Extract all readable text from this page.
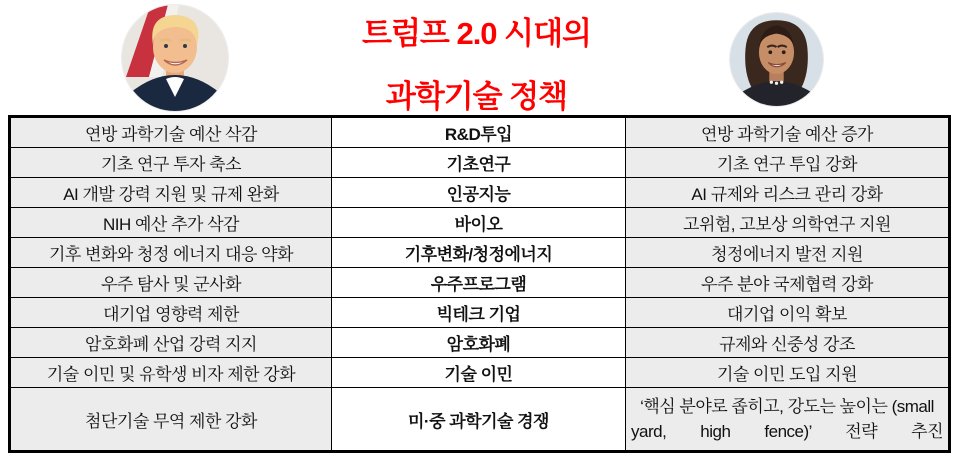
트럼프 2.0 시대의
과학기술 정책
연방 과학기술 예산 삭감	R&D투입	연방 과학기술 예산 증가
기초 연구 투자 축소	기초연구	기초 연구 투입 강화
AI 개발 강력 지원 및 규제 완화	인공지능	AI 규제와 리스크 관리 강화
NIH 예산 추가 삭감	바이오	고위험, 고보상 의학연구 지원
기후 변화와 청정 에너지 대응 약화	기후변화/청정에너지	청정에너지 발전 지원
우주 탐사 및 군사화	우주프로그램	우주 분야 국제협력 강화
대기업 영향력 제한	빅테크 기업	대기업 이익 확보
암호화폐 산업 강력 지지	암호화폐	규제와 신중성 강조
기술 이민 및 유학생 비자 제한 강화	기술 이민	기술 이민 도입 지원
첨단기술 무역 제한 강화	미·중 과학기술 경쟁	‘핵심 분야로 좁히고, 강도는 높이는 (small yard, high fence)’ 전략 추진
